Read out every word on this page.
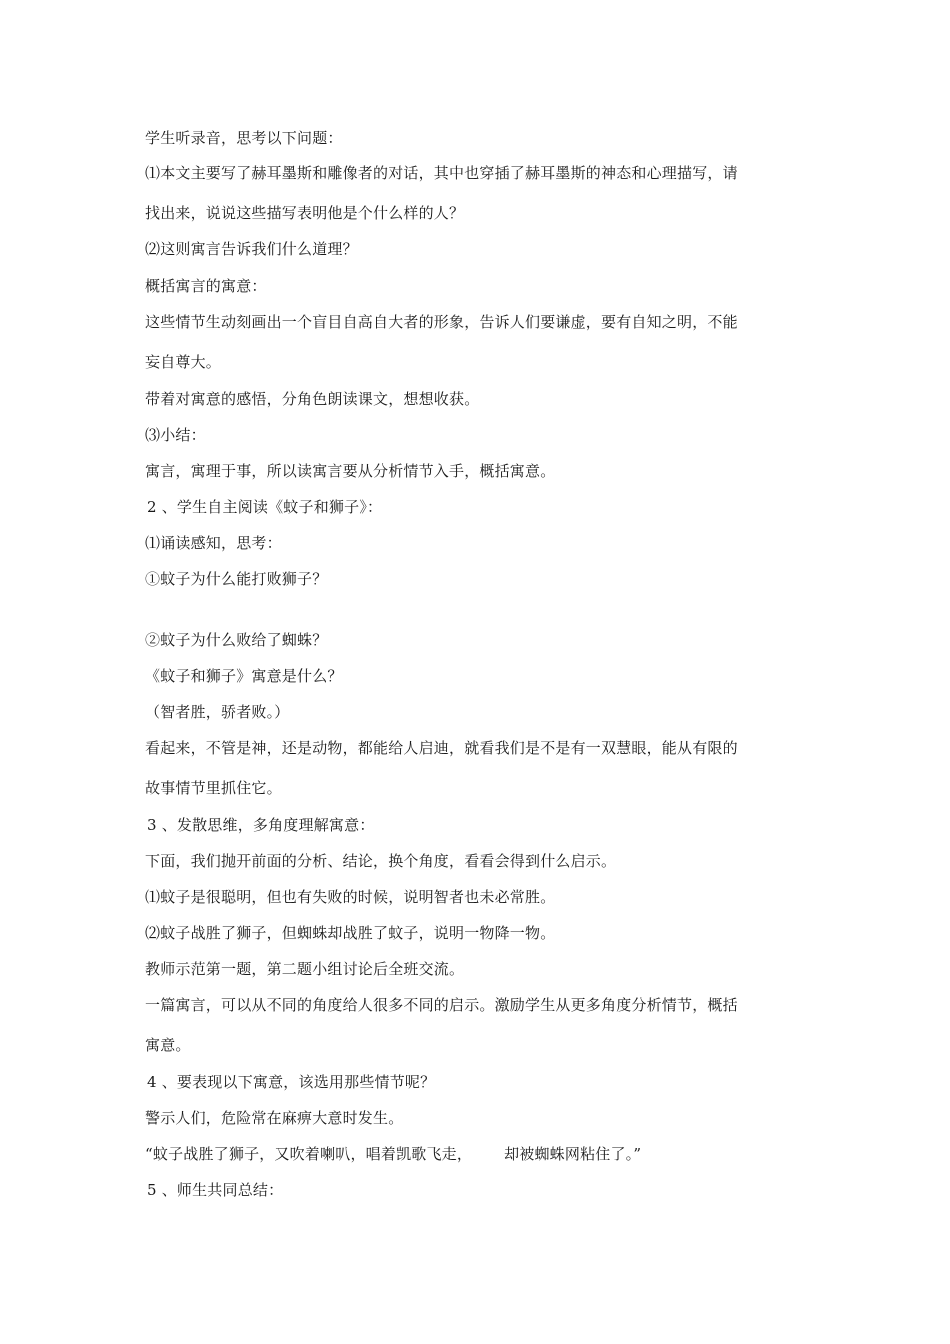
学生听录音，思考以下问题：
⑴本文主要写了赫耳墨斯和雕像者的对话，其中也穿插了赫耳墨斯的神态和心理描写，请
找出来，说说这些描写表明他是个什么样的人？
⑵这则寓言告诉我们什么道理？
概括寓言的寓意：
这些情节生动刻画出一个盲目自高自大者的形象，告诉人们要谦虚，要有自知之明，不能
妄自尊大。
带着对寓意的感悟，分角色朗读课文，想想收获。
⑶小结：
寓言，寓理于事，所以读寓言要从分析情节入手，概括寓意。
2 、学生自主阅读《蚊子和狮子》：
⑴诵读感知，思考：
①蚊子为什么能打败狮子？
②蚊子为什么败给了蜘蛛？
《蚊子和狮子》寓意是什么？
（智者胜，骄者败。）
看起来，不管是神，还是动物，都能给人启迪，就看我们是不是有一双慧眼，能从有限的
故事情节里抓住它。
3 、发散思维，多角度理解寓意：
下面，我们抛开前面的分析、结论，换个角度，看看会得到什么启示。
⑴蚊子是很聪明，但也有失败的时候，说明智者也未必常胜。
⑵蚊子战胜了狮子，但蜘蛛却战胜了蚊子，说明一物降一物。
教师示范第一题，第二题小组讨论后全班交流。
一篇寓言，可以从不同的角度给人很多不同的启示。激励学生从更多角度分析情节，概括
寓意。
4 、要表现以下寓意，该选用那些情节呢？
警示人们，危险常在麻痹大意时发生。
“蚊子战胜了狮子，又吹着喇叭，唱着凯歌飞走， 却被蜘蛛网粘住了。”
5 、师生共同总结：
